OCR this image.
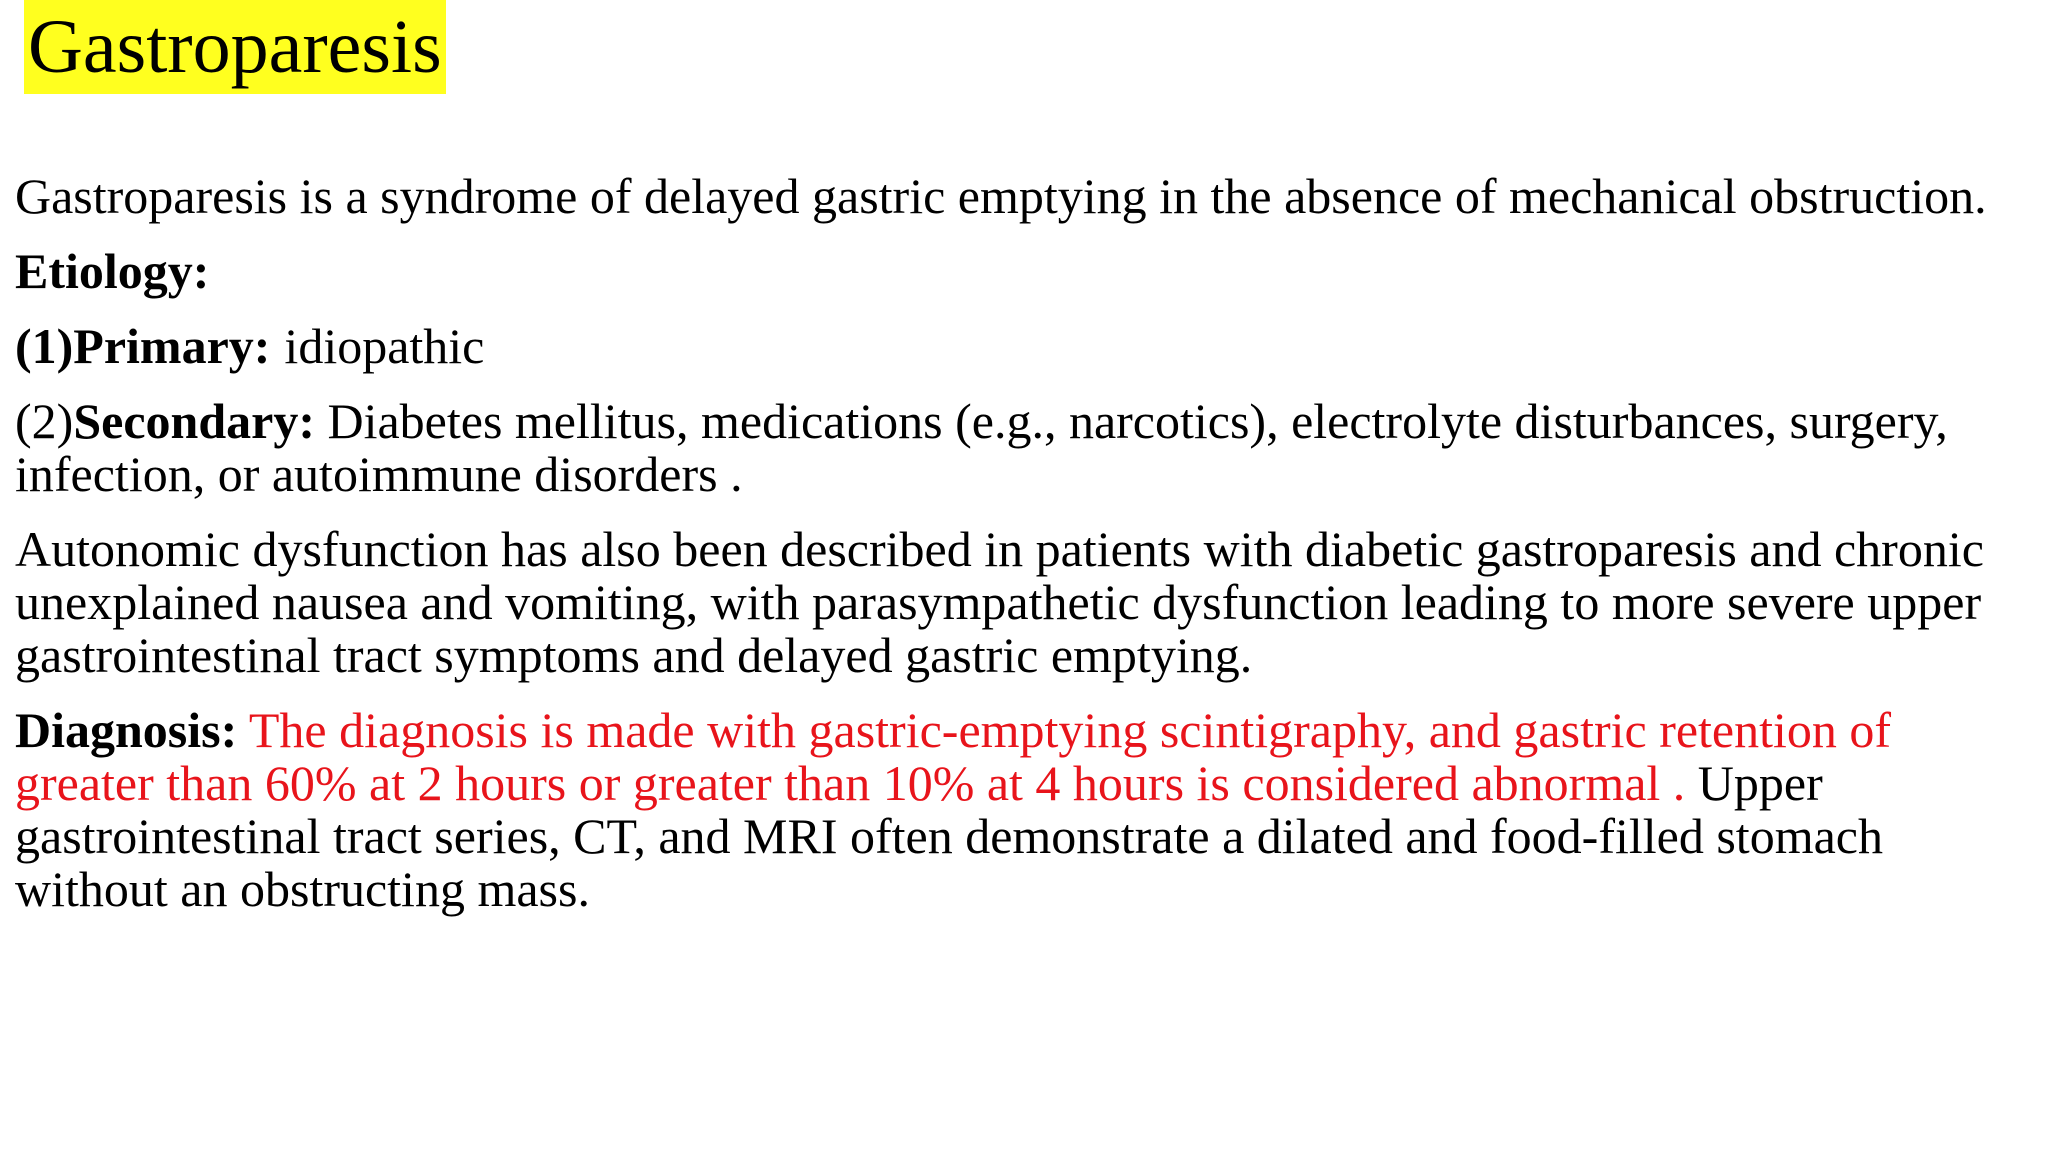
Gastroparesis

Gastroparesis is a syndrome of delayed gastric emptying in the absence of mechanical obstruction.

Etiology:

(1)Primary: idiopathic

(2)Secondary: Diabetes mellitus, medications (e.g., narcotics), electrolyte disturbances, surgery, infection, or autoimmune disorders .

Autonomic dysfunction has also been described in patients with diabetic gastroparesis and chronic unexplained nausea and vomiting, with parasympathetic dysfunction leading to more severe upper gastrointestinal tract symptoms and delayed gastric emptying.

Diagnosis: The diagnosis is made with gastric-emptying scintigraphy, and gastric retention of greater than 60% at 2 hours or greater than 10% at 4 hours is considered abnormal . Upper gastrointestinal tract series, CT, and MRI often demonstrate a dilated and food-filled stomach without an obstructing mass.
